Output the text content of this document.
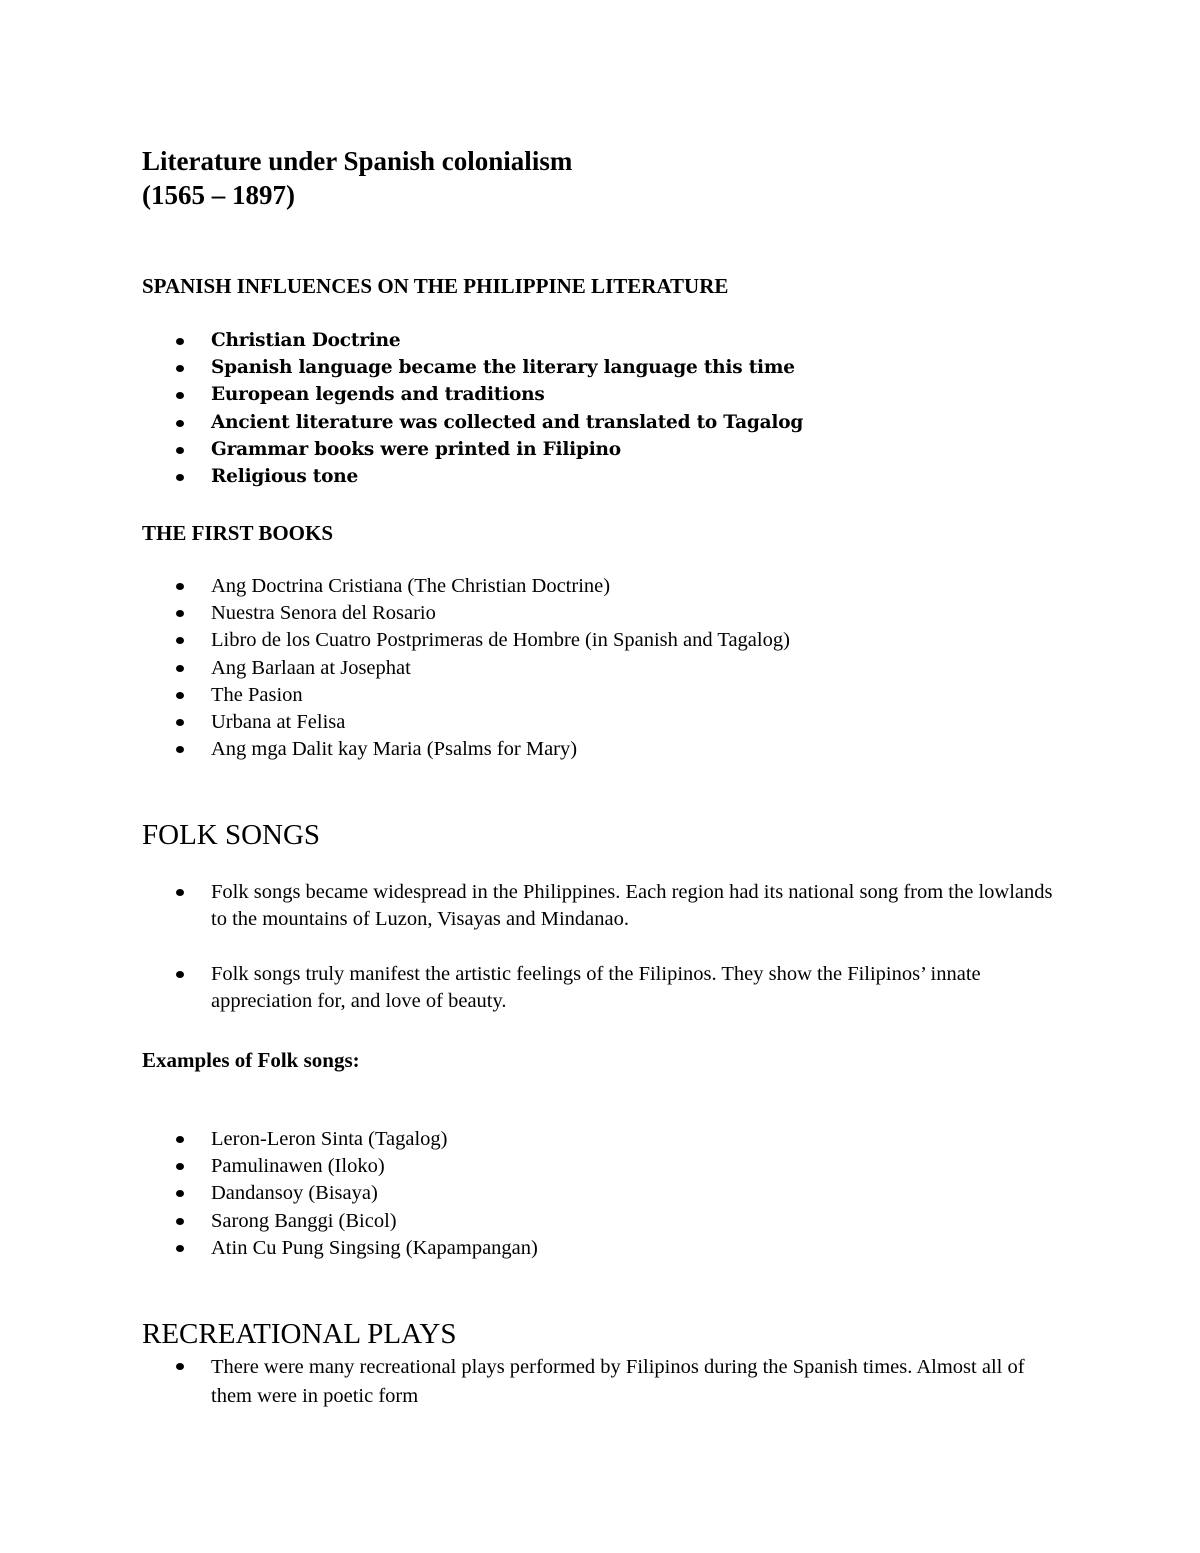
Literature under Spanish colonialism
(1565 – 1897)
SPANISH INFLUENCES ON THE PHILIPPINE LITERATURE
Christian Doctrine
Spanish language became the literary language this time
European legends and traditions
Ancient literature was collected and translated to Tagalog
Grammar books were printed in Filipino
Religious tone
THE FIRST BOOKS
Ang Doctrina Cristiana (The Christian Doctrine)
Nuestra Senora del Rosario
Libro de los Cuatro Postprimeras de Hombre (in Spanish and Tagalog)
Ang Barlaan at Josephat
The Pasion
Urbana at Felisa
Ang mga Dalit kay Maria (Psalms for Mary)
FOLK SONGS
Folk songs became widespread in the Philippines. Each region had its national song from the lowlands to the mountains of Luzon, Visayas and Mindanao.
Folk songs truly manifest the artistic feelings of the Filipinos. They show the Filipinos’ innate appreciation for, and love of beauty.
Examples of Folk songs:
Leron-Leron Sinta (Tagalog)
Pamulinawen (Iloko)
Dandansoy (Bisaya)
Sarong Banggi (Bicol)
Atin Cu Pung Singsing (Kapampangan)
RECREATIONAL PLAYS
There were many recreational plays performed by Filipinos during the Spanish times. Almost all of them were in poetic form
